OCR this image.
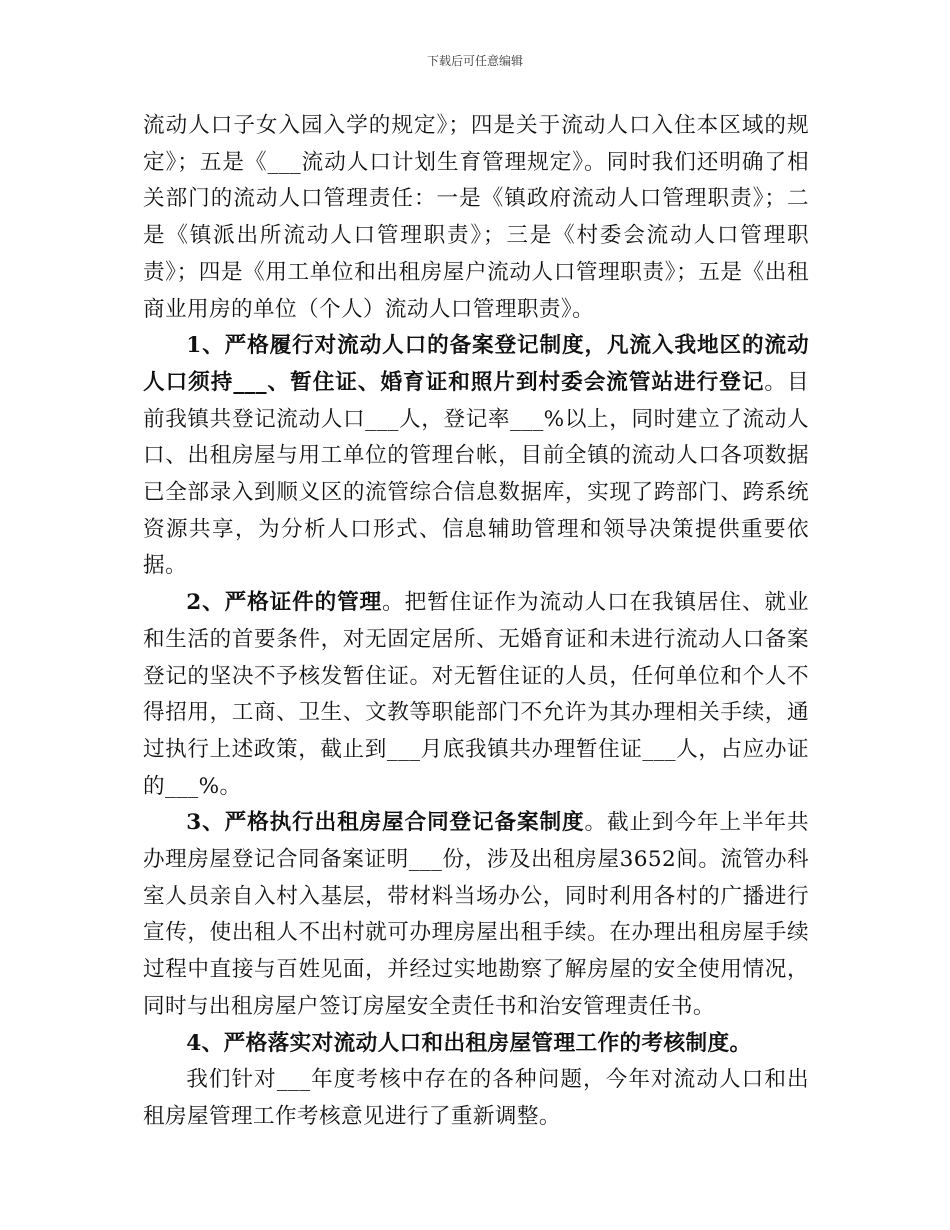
下载后可任意编辑

流动人口子女入园入学的规定》；四是关于流动人口入住本区域的规定》；五是《___流动人口计划生育管理规定》。同时我们还明确了相关部门的流动人口管理责任：一是《镇政府流动人口管理职责》；二是《镇派出所流动人口管理职责》；三是《村委会流动人口管理职责》；四是《用工单位和出租房屋户流动人口管理职责》；五是《出租商业用房的单位（个人）流动人口管理职责》。

1、严格履行对流动人口的备案登记制度，凡流入我地区的流动人口须持___、暂住证、婚育证和照片到村委会流管站进行登记。目前我镇共登记流动人口___人，登记率___%以上，同时建立了流动人口、出租房屋与用工单位的管理台帐，目前全镇的流动人口各项数据已全部录入到顺义区的流管综合信息数据库，实现了跨部门、跨系统资源共享，为分析人口形式、信息辅助管理和领导决策提供重要依据。

2、严格证件的管理。把暂住证作为流动人口在我镇居住、就业和生活的首要条件，对无固定居所、无婚育证和未进行流动人口备案登记的坚决不予核发暂住证。对无暂住证的人员，任何单位和个人不得招用，工商、卫生、文教等职能部门不允许为其办理相关手续，通过执行上述政策，截止到___月底我镇共办理暂住证___人，占应办证的___%。

3、严格执行出租房屋合同登记备案制度。截止到今年上半年共办理房屋登记合同备案证明___份，涉及出租房屋3652间。流管办科室人员亲自入村入基层，带材料当场办公，同时利用各村的广播进行宣传，使出租人不出村就可办理房屋出租手续。在办理出租房屋手续过程中直接与百姓见面，并经过实地勘察了解房屋的安全使用情况，同时与出租房屋户签订房屋安全责任书和治安管理责任书。

4、严格落实对流动人口和出租房屋管理工作的考核制度。

我们针对___年度考核中存在的各种问题，今年对流动人口和出租房屋管理工作考核意见进行了重新调整。
